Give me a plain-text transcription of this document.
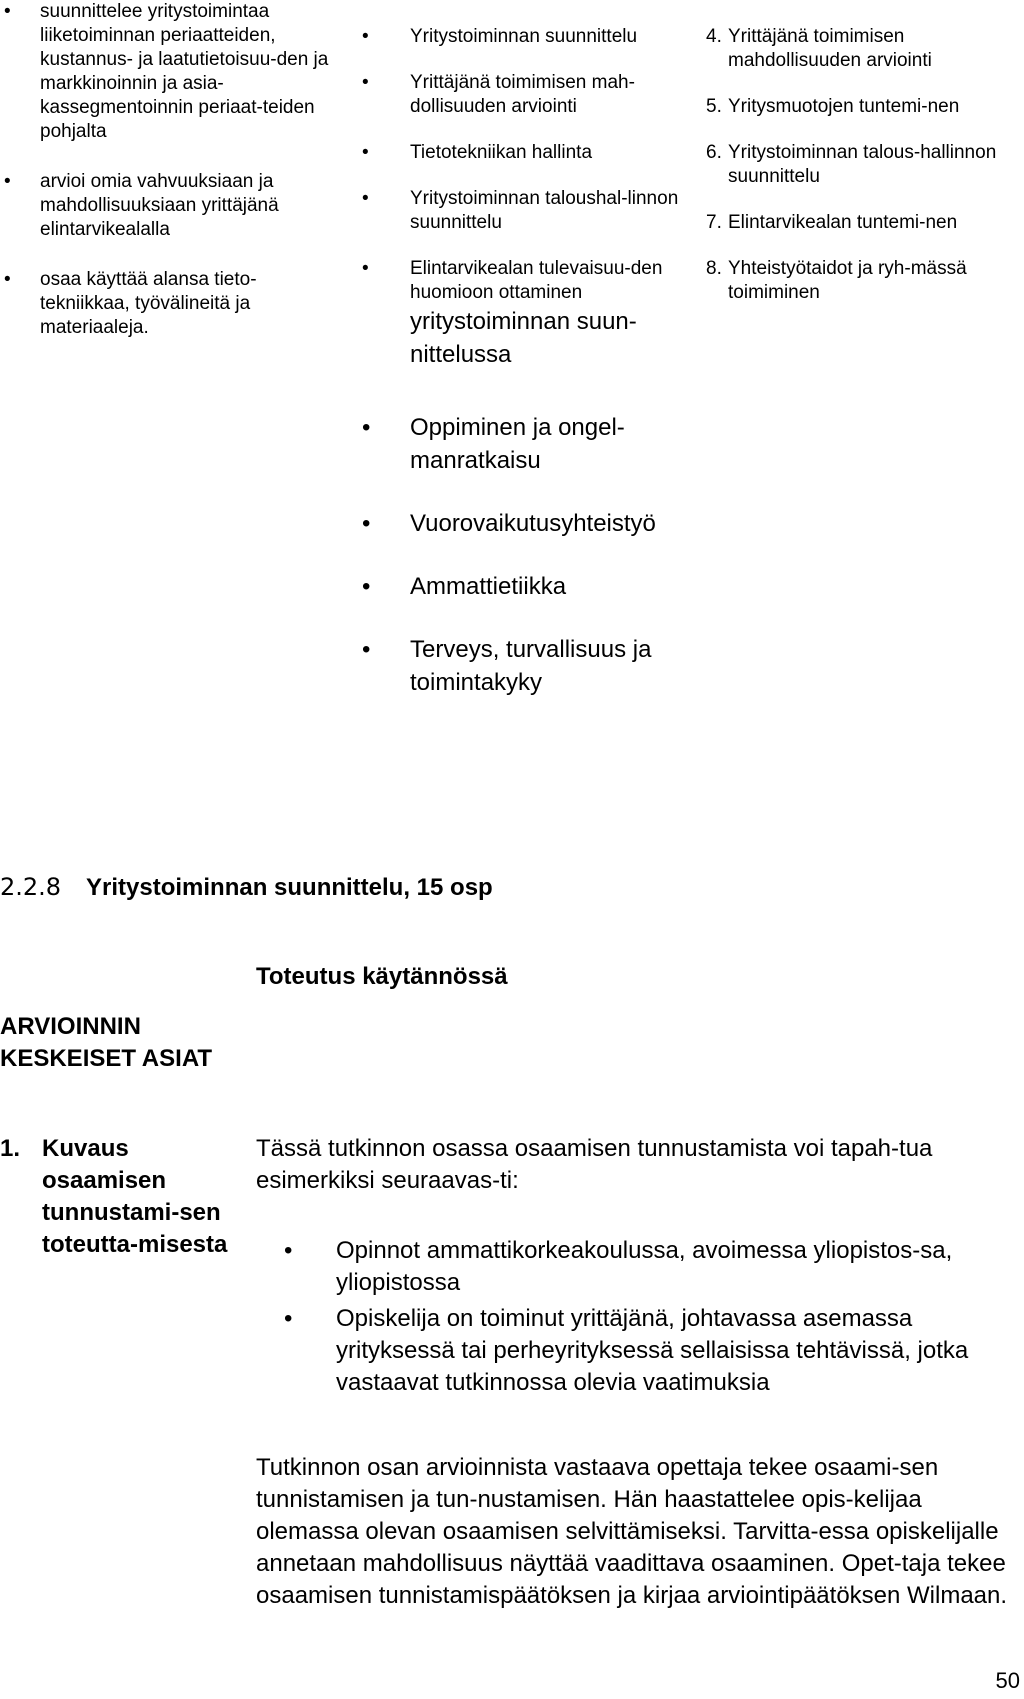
• suunnittelee yritystoimintaa liiketoiminnan periaatteiden, kustannus- ja laatutietoisuu-den ja markkinoinnin ja asia-kassegmentoinnin periaat-teiden pohjalta
• arvioi omia vahvuuksiaan ja mahdollisuuksiaan yrittäjänä elintarvikealalla
• osaa käyttää alansa tieto-tekniikkaa, työvälineitä ja materiaaleja.
• Yritystoiminnan suunnittelu
• Yrittäjänä toimimisen mah-dollisuuden arviointi
• Tietotekniikan hallinta
• Yritystoiminnan taloushal-linnon suunnittelu
• Elintarvikealan tulevaisuu-den huomioon ottaminen
yritystoiminnan suun-nittelussa
• Oppiminen ja ongel-manratkaisu
• Vuorovaikutusyhteistyö
• Ammattietiikka
• Terveys, turvallisuus ja toimintakyky
4. Yrittäjänä toimimisen mahdollisuuden arviointi
5. Yritysmuotojen tuntemi-nen
6. Yritystoiminnan talous-hallinnon suunnittelu
7. Elintarvikealan tuntemi-nen
8. Yhteistyötaidot ja ryh-mässä toimiminen
2.2.8 Yritystoiminnan suunnittelu, 15 osp
Toteutus käytännössä
ARVIOINNIN KESKEISET ASIAT
1. Kuvaus osaamisen tunnustami-sen toteutta-misesta
Tässä tutkinnon osassa osaamisen tunnustamista voi tapah-tua esimerkiksi seuraavas-ti:
• Opinnot ammattikorkeakoulussa, avoimessa yliopistos-sa, yliopistossa
• Opiskelija on toiminut yrittäjänä, johtavassa asemassa yrityksessä tai perheyrityksessä sellaisissa tehtävissä, jotka vastaavat tutkinnossa olevia vaatimuksia
Tutkinnon osan arvioinnista vastaava opettaja tekee osaami-sen tunnistamisen ja tun-nustamisen. Hän haastattelee opis-kelijaa olemassa olevan osaamisen selvittämiseksi. Tarvitta-essa opiskelijalle annetaan mahdollisuus näyttää vaadittava osaaminen. Opet-taja tekee osaamisen tunnistamispäätöksen ja kirjaa arviointipäätöksen Wilmaan.
50
